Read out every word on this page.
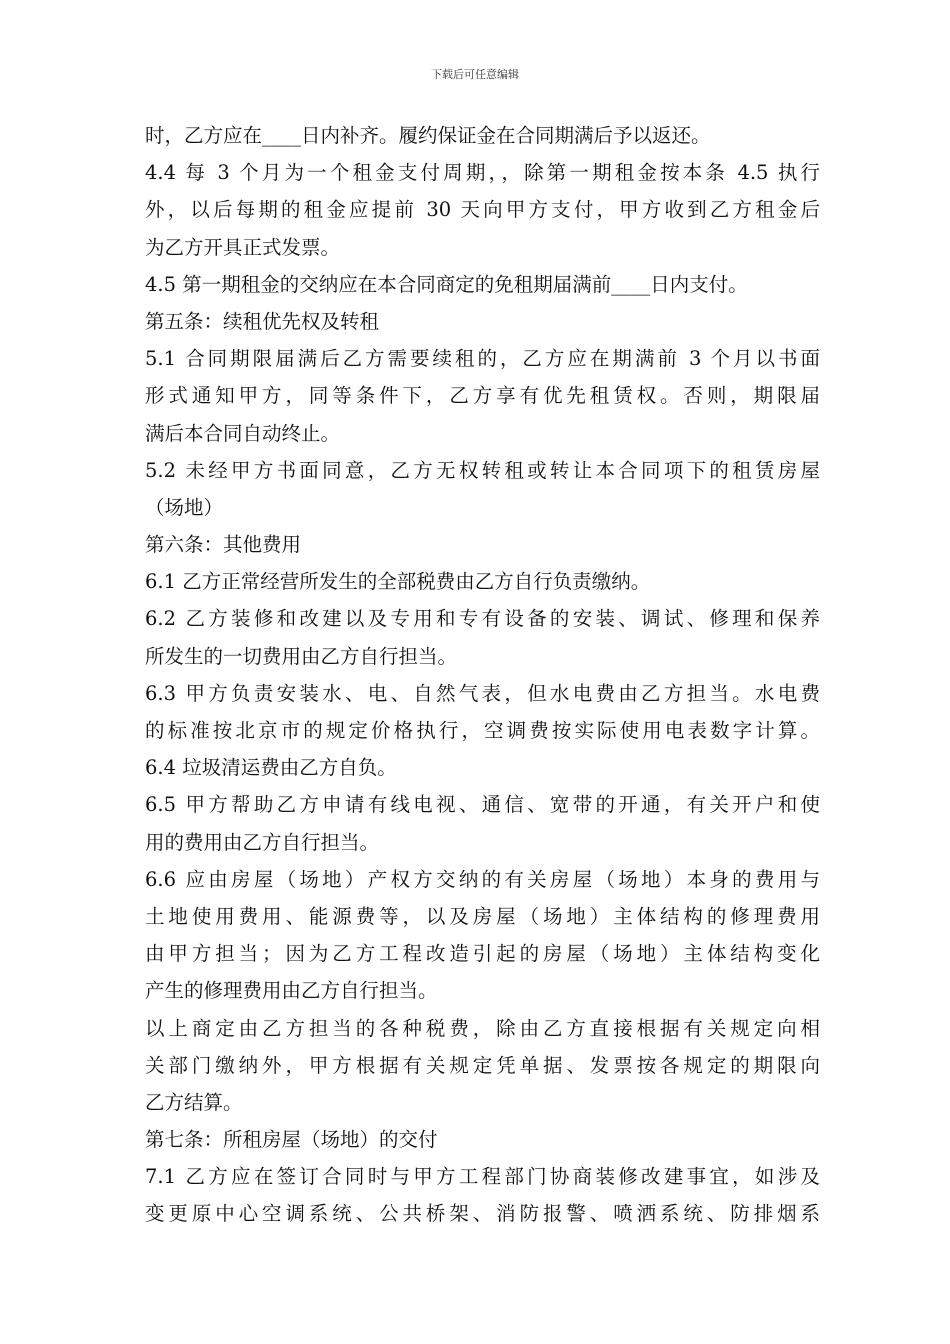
下载后可任意编辑
时，乙方应在____日内补齐。履约保证金在合同期满后予以返还。
4.4 每 3 个月为一个租金支付周期，，除第一期租金按本条 4.5 执行
外，以后每期的租金应提前 30 天向甲方支付，甲方收到乙方租金后
为乙方开具正式发票。
4.5 第一期租金的交纳应在本合同商定的免租期届满前____日内支付。
第五条：续租优先权及转租
5.1 合同期限届满后乙方需要续租的，乙方应在期满前 3 个月以书面
形式通知甲方，同等条件下，乙方享有优先租赁权。否则，期限届
满后本合同自动终止。
5.2 未经甲方书面同意，乙方无权转租或转让本合同项下的租赁房屋
（场地）
第六条：其他费用
6.1 乙方正常经营所发生的全部税费由乙方自行负责缴纳。
6.2 乙方装修和改建以及专用和专有设备的安装、调试、修理和保养
所发生的一切费用由乙方自行担当。
6.3 甲方负责安装水、电、自然气表，但水电费由乙方担当。水电费
的标准按北京市的规定价格执行，空调费按实际使用电表数字计算。
6.4 垃圾清运费由乙方自负。
6.5 甲方帮助乙方申请有线电视、通信、宽带的开通，有关开户和使
用的费用由乙方自行担当。
6.6 应由房屋（场地）产权方交纳的有关房屋（场地）本身的费用与
土地使用费用、能源费等，以及房屋（场地）主体结构的修理费用
由甲方担当；因为乙方工程改造引起的房屋（场地）主体结构变化
产生的修理费用由乙方自行担当。
以上商定由乙方担当的各种税费，除由乙方直接根据有关规定向相
关部门缴纳外，甲方根据有关规定凭单据、发票按各规定的期限向
乙方结算。
第七条：所租房屋（场地）的交付
7.1 乙方应在签订合同时与甲方工程部门协商装修改建事宜，如涉及
变更原中心空调系统、公共桥架、消防报警、喷洒系统、防排烟系
